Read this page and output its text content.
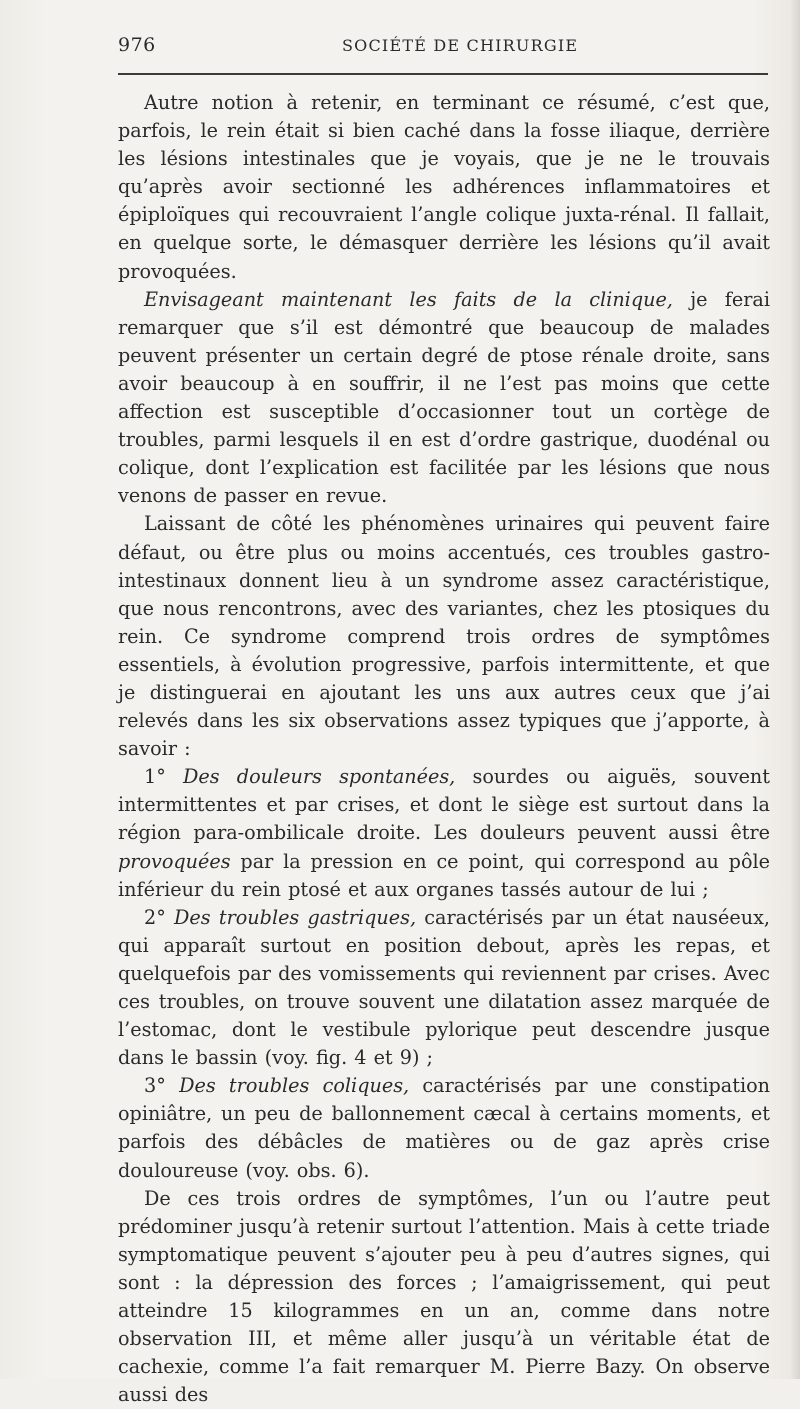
976	SOCIÉTÉ DE CHIRURGIE

Autre notion à retenir, en terminant ce résumé, c’est que, parfois, le rein était si bien caché dans la fosse iliaque, derrière les lésions intestinales que je voyais, que je ne le trouvais qu’après avoir sectionné les adhérences inflammatoires et épiploïques qui recouvraient l’angle colique juxta-rénal. Il fallait, en quelque sorte, le démasquer derrière les lésions qu’il avait provoquées.

Envisageant maintenant les faits de la clinique, je ferai remarquer que s’il est démontré que beaucoup de malades peuvent présenter un certain degré de ptose rénale droite, sans avoir beaucoup à en souffrir, il ne l’est pas moins que cette affection est susceptible d’occasionner tout un cortège de troubles, parmi lesquels il en est d’ordre gastrique, duodénal ou colique, dont l’explication est facilitée par les lésions que nous venons de passer en revue.

Laissant de côté les phénomènes urinaires qui peuvent faire défaut, ou être plus ou moins accentués, ces troubles gastro-intestinaux donnent lieu à un syndrome assez caractéristique, que nous rencontrons, avec des variantes, chez les ptosiques du rein. Ce syndrome comprend trois ordres de symptômes essentiels, à évolution progressive, parfois intermittente, et que je distinguerai en ajoutant les uns aux autres ceux que j’ai relevés dans les six observations assez typiques que j’apporte, à savoir :

1° Des douleurs spontanées, sourdes ou aiguës, souvent intermittentes et par crises, et dont le siège est surtout dans la région para-ombilicale droite. Les douleurs peuvent aussi être provoquées par la pression en ce point, qui correspond au pôle inférieur du rein ptosé et aux organes tassés autour de lui ;

2° Des troubles gastriques, caractérisés par un état nauséeux, qui apparaît surtout en position debout, après les repas, et quelquefois par des vomissements qui reviennent par crises. Avec ces troubles, on trouve souvent une dilatation assez marquée de l’estomac, dont le vestibule pylorique peut descendre jusque dans le bassin (voy. fig. 4 et 9) ;

3° Des troubles coliques, caractérisés par une constipation opiniâtre, un peu de ballonnement cæcal à certains moments, et parfois des débâcles de matières ou de gaz après crise douloureuse (voy. obs. 6).

De ces trois ordres de symptômes, l’un ou l’autre peut prédominer jusqu’à retenir surtout l’attention. Mais à cette triade symptomatique peuvent s’ajouter peu à peu d’autres signes, qui sont : la dépression des forces ; l’amaigrissement, qui peut atteindre 15 kilogrammes en un an, comme dans notre observation III, et même aller jusqu’à un véritable état de cachexie, comme l’a fait remarquer M. Pierre Bazy. On observe aussi des
